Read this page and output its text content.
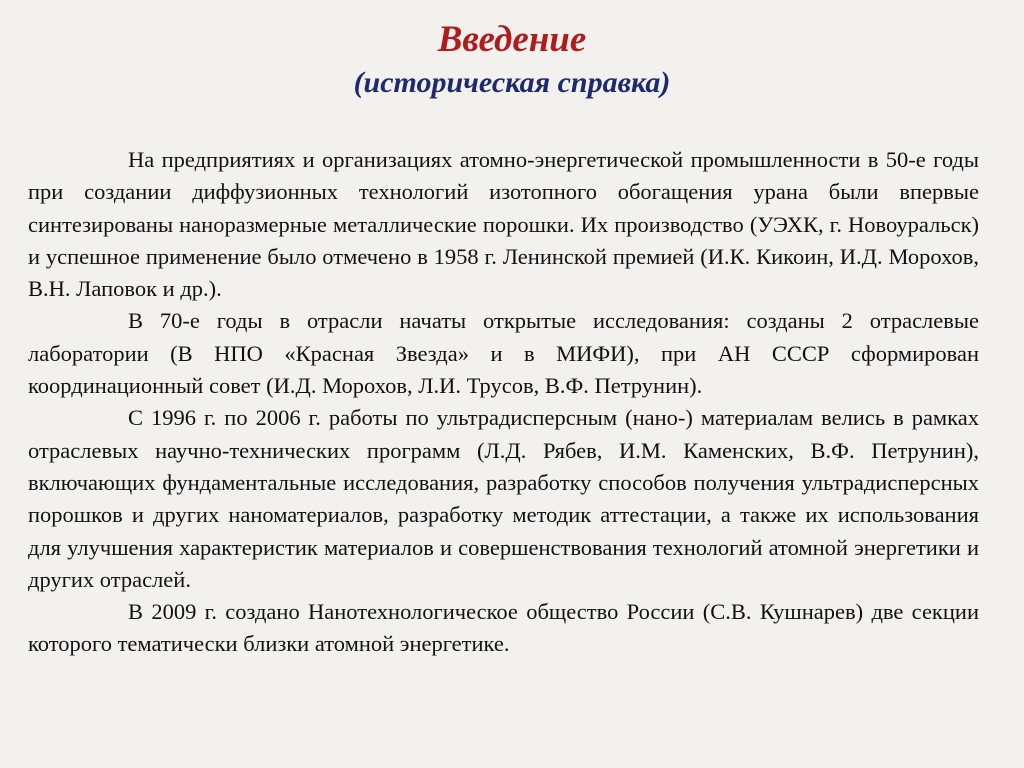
Введение
(историческая справка)

На предприятиях и организациях атомно-энергетической промышленности в 50-е годы при создании диффузионных технологий изотопного обогащения урана были впервые синтезированы наноразмерные металлические порошки. Их производство (УЭХК, г. Новоуральск) и успешное применение было отмечено в 1958 г. Ленинской премией (И.К. Кикоин, И.Д. Морохов, В.Н. Лаповок и др.).

В 70-е годы в отрасли начаты открытые исследования: созданы 2 отраслевые лаборатории (В НПО «Красная Звезда» и в МИФИ), при АН СССР сформирован координационный совет (И.Д. Морохов, Л.И. Трусов, В.Ф. Петрунин).

С 1996 г. по 2006 г. работы по ультрадисперсным (нано-) материалам велись в рамках отраслевых научно-технических программ (Л.Д. Рябев, И.М. Каменских, В.Ф. Петрунин), включающих фундаментальные исследования, разработку способов получения ультрадисперсных порошков и других наноматериалов, разработку методик аттестации, а также их использования для улучшения характеристик материалов и совершенствования технологий атомной энергетики и других отраслей.

В 2009 г. создано Нанотехнологическое общество России (С.В. Кушнарев) две секции которого тематически близки атомной энергетике.
